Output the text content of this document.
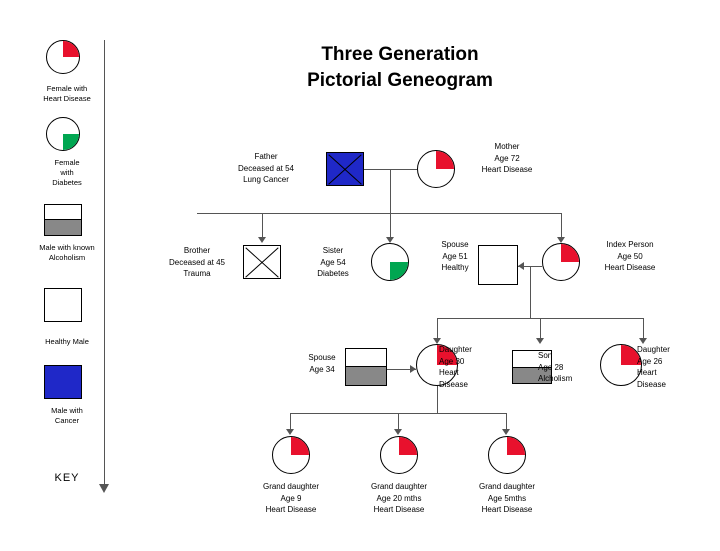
Three Generation
Pictorial Geneogram
KEY
Female with
Heart Disease
Female
with
Diabetes
Male with known
Alcoholism
Healthy Male
Male with
Cancer
Father
Deceased at 54
Lung Cancer
Mother
Age 72
Heart Disease
Brother
Deceased at 45
Trauma
Sister
Age 54
Diabetes
Spouse
Age 51
Healthy
Index Person
Age 50
Heart Disease
Spouse
Age 34
Daughter
Age 30
Heart
Disease
Son
Age 28
Alcholism
Daughter
Age 26
Heart
Disease
Grand daughter
Age 9
Heart Disease
Grand daughter
Age 20 mths
Heart Disease
Grand daughter
Age 5mths
Heart Disease
